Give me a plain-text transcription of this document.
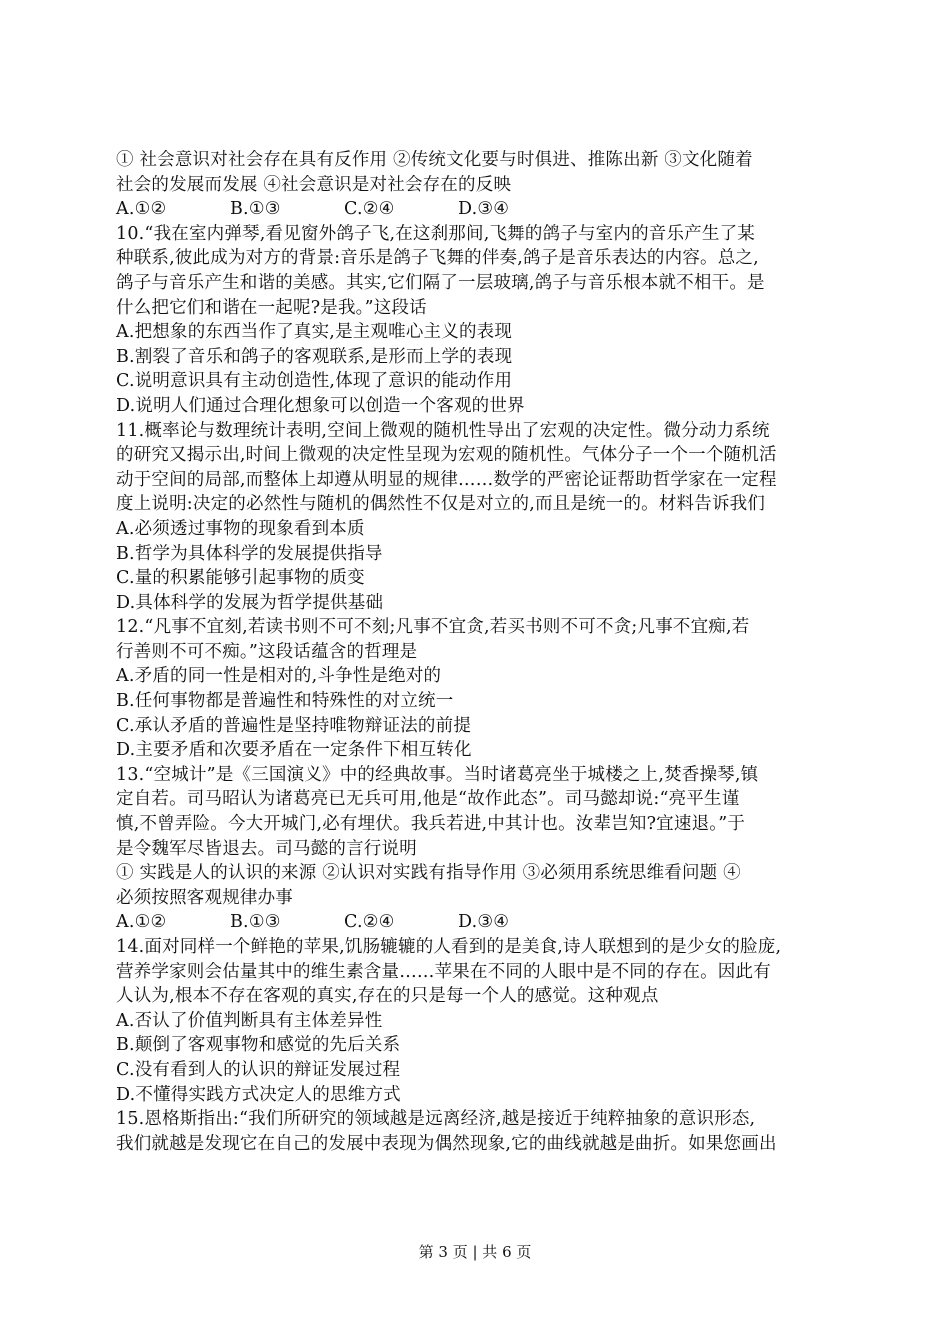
① 社会意识对社会存在具有反作用 ②传统文化要与时俱进、推陈出新 ③文化随着
社会的发展而发展 ④社会意识是对社会存在的反映
A.①②	B.①③	C.②④	D.③④
10.“我在室内弹琴,看见窗外鸽子飞,在这刹那间,飞舞的鸽子与室内的音乐产生了某
种联系,彼此成为对方的背景:音乐是鸽子飞舞的伴奏,鸽子是音乐表达的内容。总之,
鸽子与音乐产生和谐的美感。其实,它们隔了一层玻璃,鸽子与音乐根本就不相干。是
什么把它们和谐在一起呢?是我。”这段话
A.把想象的东西当作了真实,是主观唯心主义的表现
B.割裂了音乐和鸽子的客观联系,是形而上学的表现
C.说明意识具有主动创造性,体现了意识的能动作用
D.说明人们通过合理化想象可以创造一个客观的世界
11.概率论与数理统计表明,空间上微观的随机性导出了宏观的决定性。微分动力系统
的研究又揭示出,时间上微观的决定性呈现为宏观的随机性。气体分子一个一个随机活
动于空间的局部,而整体上却遵从明显的规律……数学的严密论证帮助哲学家在一定程
度上说明:决定的必然性与随机的偶然性不仅是对立的,而且是统一的。材料告诉我们
A.必须透过事物的现象看到本质
B.哲学为具体科学的发展提供指导
C.量的积累能够引起事物的质变
D.具体科学的发展为哲学提供基础
12.“凡事不宜刻,若读书则不可不刻;凡事不宜贪,若买书则不可不贪;凡事不宜痴,若
行善则不可不痴。”这段话蕴含的哲理是
A.矛盾的同一性是相对的,斗争性是绝对的
B.任何事物都是普遍性和特殊性的对立统一
C.承认矛盾的普遍性是坚持唯物辩证法的前提
D.主要矛盾和次要矛盾在一定条件下相互转化
13.“空城计”是《三国演义》中的经典故事。当时诸葛亮坐于城楼之上,焚香操琴,镇
定自若。司马昭认为诸葛亮已无兵可用,他是“故作此态”。司马懿却说:“亮平生谨
慎,不曾弄险。今大开城门,必有埋伏。我兵若进,中其计也。汝辈岂知?宜速退。”于
是令魏军尽皆退去。司马懿的言行说明
① 实践是人的认识的来源 ②认识对实践有指导作用 ③必须用系统思维看问题 ④
必须按照客观规律办事
A.①②	B.①③	C.②④	D.③④
14.面对同样一个鲜艳的苹果,饥肠辘辘的人看到的是美食,诗人联想到的是少女的脸庞,
营养学家则会估量其中的维生素含量……苹果在不同的人眼中是不同的存在。因此有
人认为,根本不存在客观的真实,存在的只是每一个人的感觉。这种观点
A.否认了价值判断具有主体差异性
B.颠倒了客观事物和感觉的先后关系
C.没有看到人的认识的辩证发展过程
D.不懂得实践方式决定人的思维方式
15.恩格斯指出:“我们所研究的领域越是远离经济,越是接近于纯粹抽象的意识形态,
我们就越是发现它在自己的发展中表现为偶然现象,它的曲线就越是曲折。如果您画出
第 3 页 | 共 6 页
